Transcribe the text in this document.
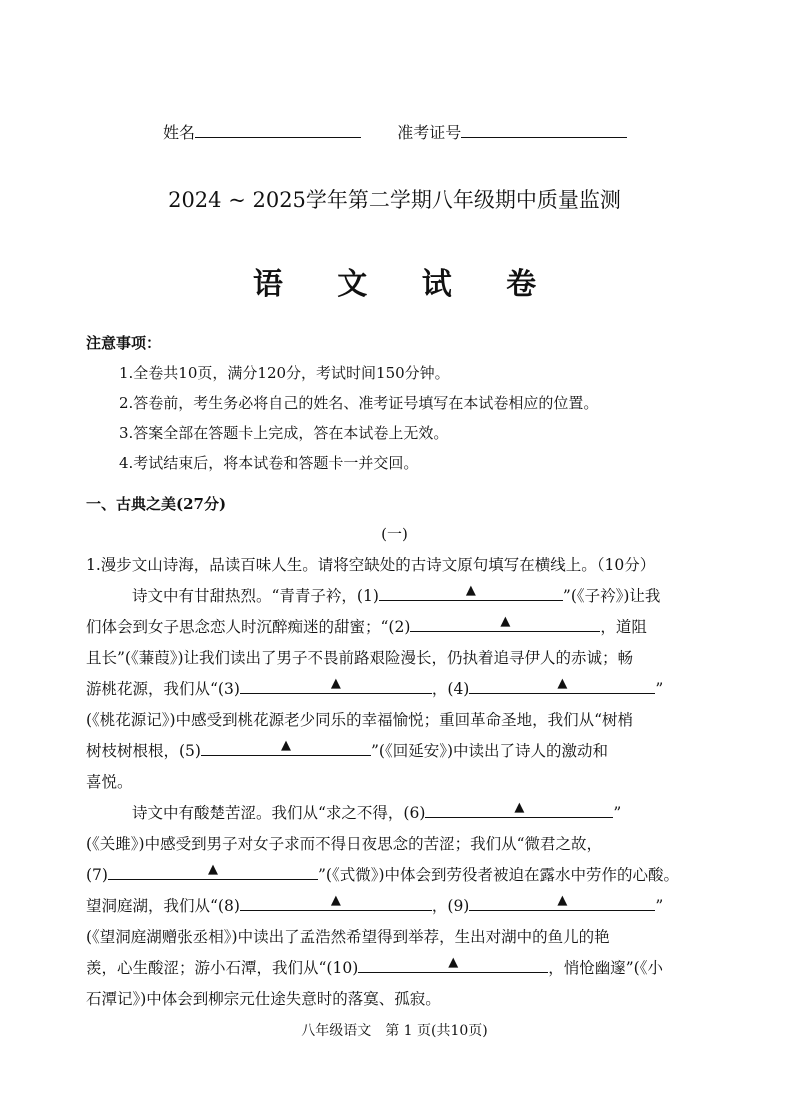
姓名	准考证号
2024 ~ 2025学年第二学期八年级期中质量监测
语 文 试 卷
注意事项：
1.全卷共10页，满分120分，考试时间150分钟。
2.答卷前，考生务必将自己的姓名、准考证号填写在本试卷相应的位置。
3.答案全部在答题卡上完成，答在本试卷上无效。
4.考试结束后，将本试卷和答题卡一并交回。
一、古典之美(27分)
(一)
1.漫步文山诗海，品读百味人生。请将空缺处的古诗文原句填写在横线上。（10分）
诗文中有甘甜热烈。“青青子衿，(1)	▲	”(《子衿》)让我
们体会到女子思念恋人时沉醉痴迷的甜蜜；“(2)	▲	，道阻
且长”(《蒹葭》)让我们读出了男子不畏前路艰险漫长，仍执着追寻伊人的赤诚；畅
游桃花源，我们从“(3)	▲	，(4)	▲	”
(《桃花源记》)中感受到桃花源老少同乐的幸福愉悦；重回革命圣地，我们从“树梢
树枝树根根，(5)	▲	”(《回延安》)中读出了诗人的激动和
喜悦。
诗文中有酸楚苦涩。我们从“求之不得，(6)	▲	”
(《关雎》)中感受到男子对女子求而不得日夜思念的苦涩；我们从“微君之故，
(7)	▲	”(《式微》)中体会到劳役者被迫在露水中劳作的心酸。
望洞庭湖，我们从“(8)	▲	，(9)	▲	”
(《望洞庭湖赠张丞相》)中读出了孟浩然希望得到举荐，生出对湖中的鱼儿的艳
羡，心生酸涩；游小石潭，我们从“(10)	▲	，悄怆幽邃”(《小
石潭记》)中体会到柳宗元仕途失意时的落寞、孤寂。
八年级语文　第 1 页(共10页)
